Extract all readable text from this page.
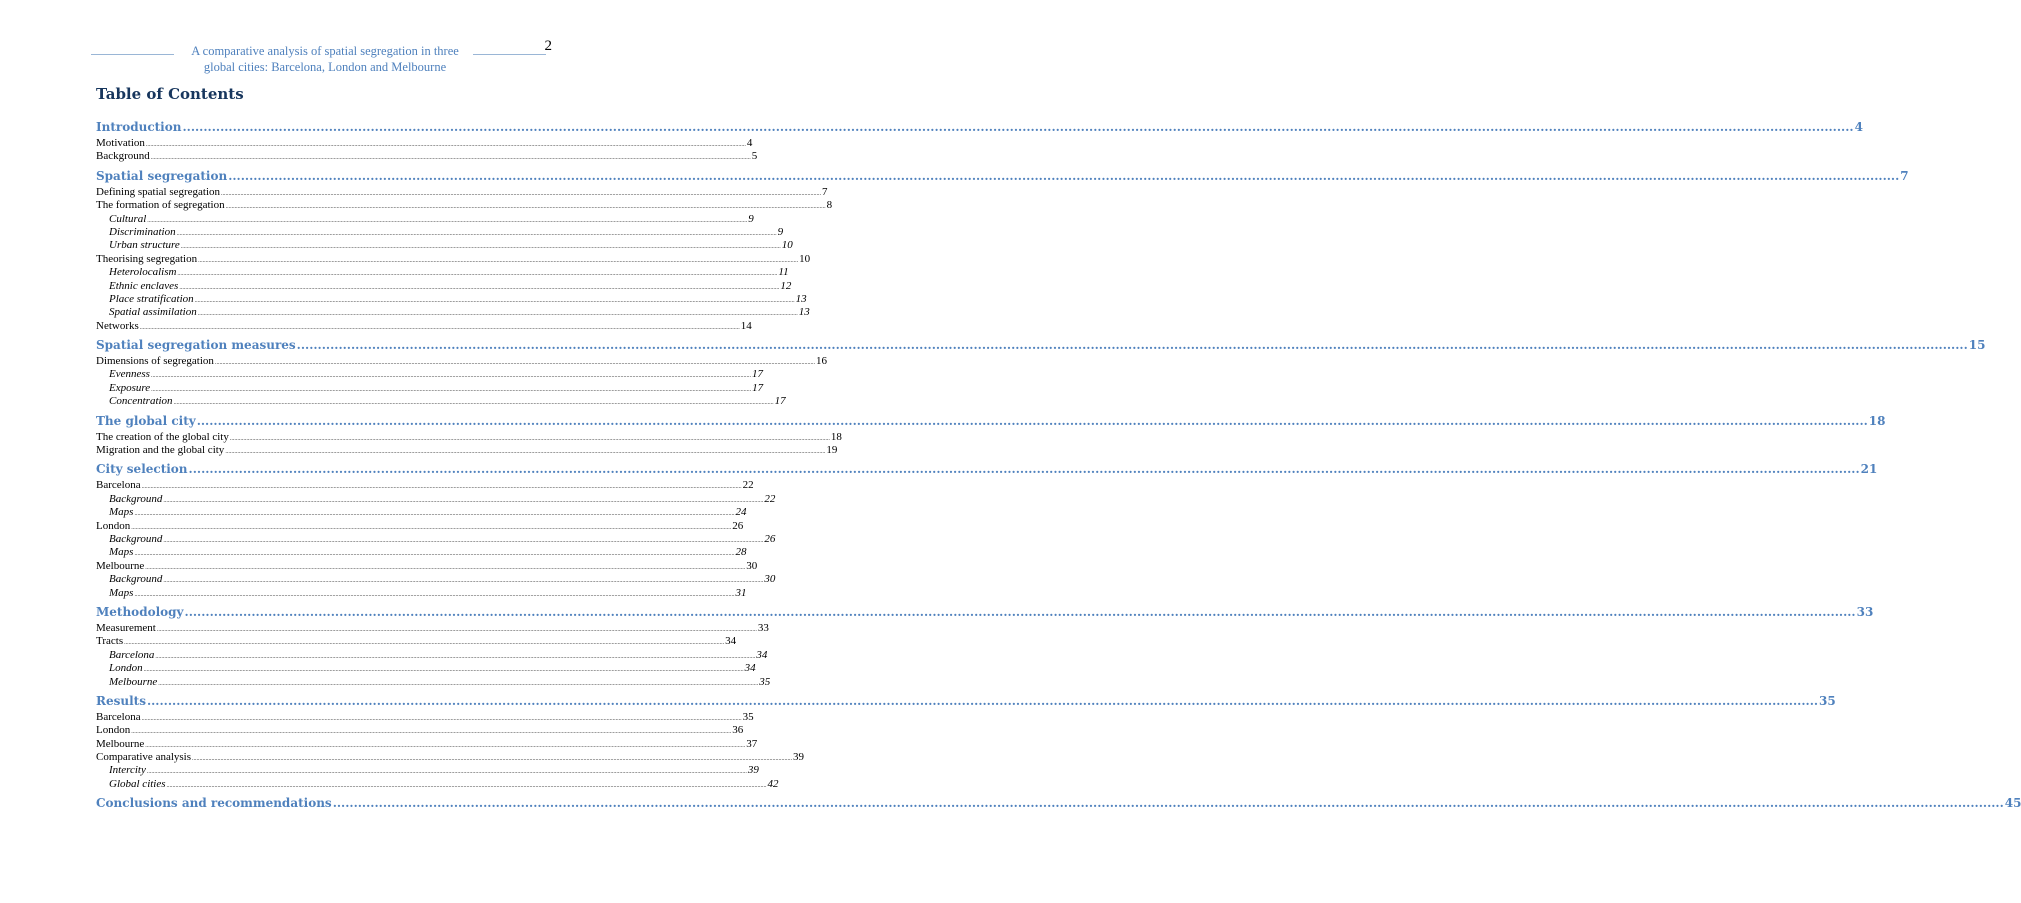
A comparative analysis of spatial segregation in three global cities: Barcelona, London and Melbourne
2
Table of Contents
Introduction ................................................................................................................................................................................................................................................................................................................................................................................................................ 4
Motivation ................................................................................................................................................................................................................................................................................................................................................................................................................ 4
Background ................................................................................................................................................................................................................................................................................................................................................................................................................ 5
Spatial segregation ................................................................................................................................................................................................................................................................................................................................................................................................................ 7
Defining spatial segregation ................................................................................................................................................................................................................................................................................................................................................................................................................ 7
The formation of segregation ................................................................................................................................................................................................................................................................................................................................................................................................................ 8
Cultural ................................................................................................................................................................................................................................................................................................................................................................................................................ 9
Discrimination ................................................................................................................................................................................................................................................................................................................................................................................................................ 9
Urban structure ................................................................................................................................................................................................................................................................................................................................................................................................................ 10
Theorising segregation ................................................................................................................................................................................................................................................................................................................................................................................................................ 10
Heterolocalism ................................................................................................................................................................................................................................................................................................................................................................................................................ 11
Ethnic enclaves ................................................................................................................................................................................................................................................................................................................................................................................................................ 12
Place stratification ................................................................................................................................................................................................................................................................................................................................................................................................................ 13
Spatial assimilation ................................................................................................................................................................................................................................................................................................................................................................................................................ 13
Networks ................................................................................................................................................................................................................................................................................................................................................................................................................ 14
Spatial segregation measures ................................................................................................................................................................................................................................................................................................................................................................................................................ 15
Dimensions of segregation ................................................................................................................................................................................................................................................................................................................................................................................................................ 16
Evenness ................................................................................................................................................................................................................................................................................................................................................................................................................ 17
Exposure ................................................................................................................................................................................................................................................................................................................................................................................................................ 17
Concentration ................................................................................................................................................................................................................................................................................................................................................................................................................ 17
The global city ................................................................................................................................................................................................................................................................................................................................................................................................................ 18
The creation of the global city ................................................................................................................................................................................................................................................................................................................................................................................................................ 18
Migration and the global city ................................................................................................................................................................................................................................................................................................................................................................................................................ 19
City selection ................................................................................................................................................................................................................................................................................................................................................................................................................ 21
Barcelona ................................................................................................................................................................................................................................................................................................................................................................................................................ 22
Background ................................................................................................................................................................................................................................................................................................................................................................................................................ 22
Maps ................................................................................................................................................................................................................................................................................................................................................................................................................ 24
London ................................................................................................................................................................................................................................................................................................................................................................................................................ 26
Background ................................................................................................................................................................................................................................................................................................................................................................................................................ 26
Maps ................................................................................................................................................................................................................................................................................................................................................................................................................ 28
Melbourne ................................................................................................................................................................................................................................................................................................................................................................................................................ 30
Background ................................................................................................................................................................................................................................................................................................................................................................................................................ 30
Maps ................................................................................................................................................................................................................................................................................................................................................................................................................ 31
Methodology ................................................................................................................................................................................................................................................................................................................................................................................................................ 33
Measurement ................................................................................................................................................................................................................................................................................................................................................................................................................ 33
Tracts ................................................................................................................................................................................................................................................................................................................................................................................................................ 34
Barcelona ................................................................................................................................................................................................................................................................................................................................................................................................................ 34
London ................................................................................................................................................................................................................................................................................................................................................................................................................ 34
Melbourne ................................................................................................................................................................................................................................................................................................................................................................................................................ 35
Results ................................................................................................................................................................................................................................................................................................................................................................................................................ 35
Barcelona ................................................................................................................................................................................................................................................................................................................................................................................................................ 35
London ................................................................................................................................................................................................................................................................................................................................................................................................................ 36
Melbourne ................................................................................................................................................................................................................................................................................................................................................................................................................ 37
Comparative analysis ................................................................................................................................................................................................................................................................................................................................................................................................................ 39
Intercity ................................................................................................................................................................................................................................................................................................................................................................................................................ 39
Global cities ................................................................................................................................................................................................................................................................................................................................................................................................................ 42
Conclusions and recommendations ................................................................................................................................................................................................................................................................................................................................................................................................................ 45
